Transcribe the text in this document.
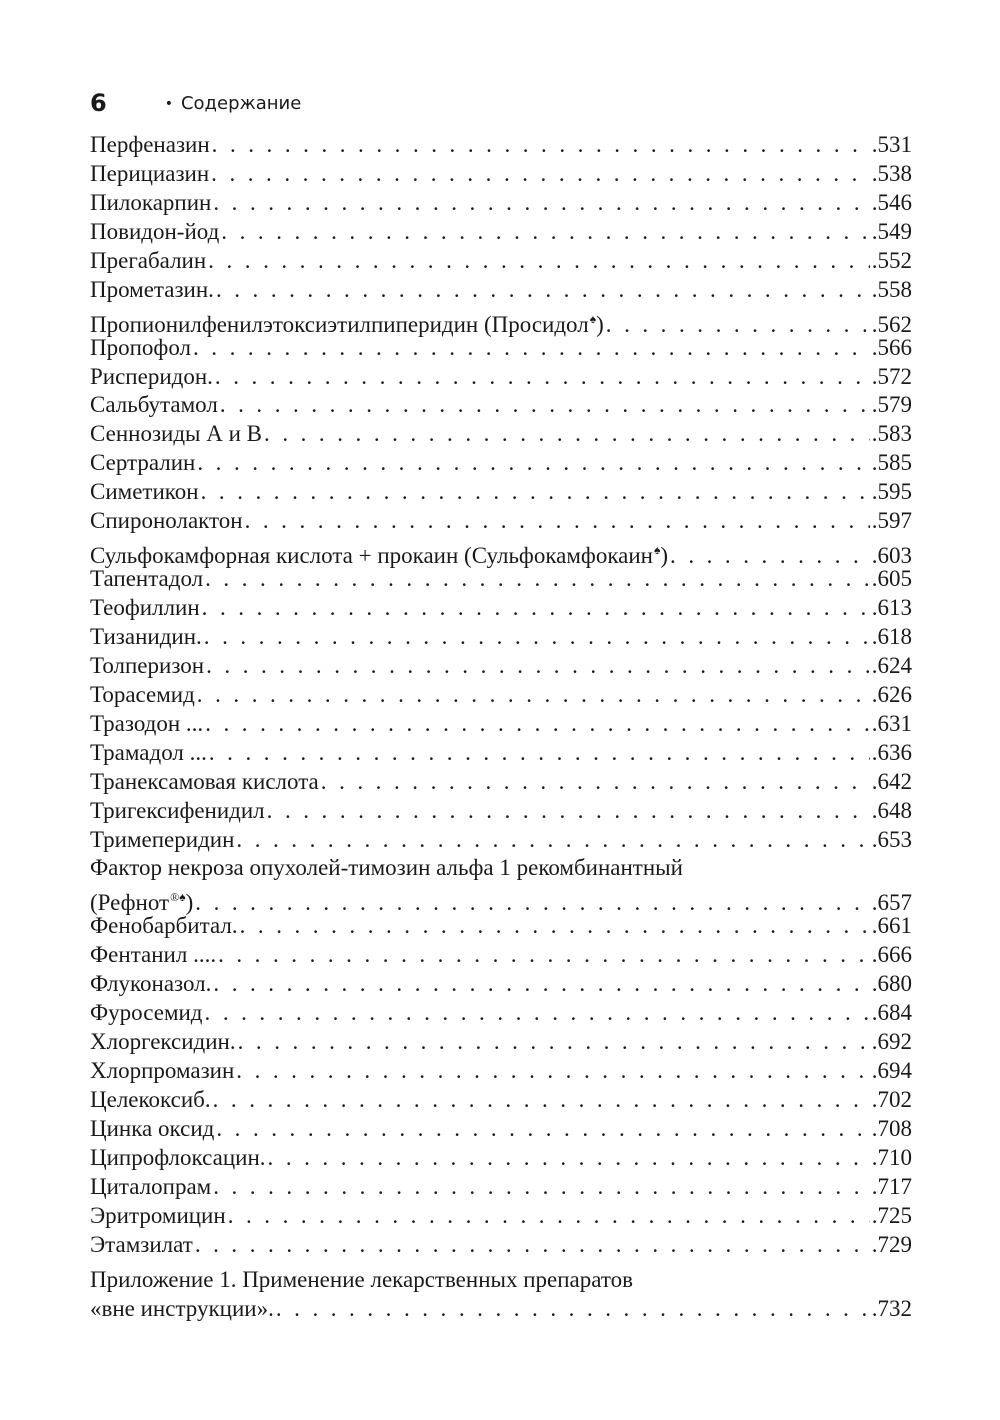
6	• Содержание
Перфеназин . . .	.531
Перициазин . . .	.538
Пилокарпин . . .	.546
Повидон-йод . . .	.549
Прегабалин . . .	.552
Прометазин. . . .	.558
Пропионилфенилэтоксиэтилпиперидин (Просидол♠) . . .	.562
Пропофол . . .	.566
Рисперидон. . . .	.572
Сальбутамол . . .	.579
Сеннозиды А и В . . .	.583
Сертралин . . .	.585
Симетикон . . .	.595
Спиронолактон . . .	.597
Сульфокамфорная кислота + прокаин (Сульфокамфокаин♠) . . .	.603
Тапентадол . . .	.605
Теофиллин . . .	.613
Тизанидин. . . .	.618
Толперизон . . .	.624
Торасемид . . .	.626
Тразодон ... . . .	.631
Трамадол ... . . .	.636
Транексамовая кислота . . .	.642
Тригексифенидил . . .	.648
Тримеперидин . . .	.653
Фактор некроза опухолей-тимозин альфа 1 рекомбинантный
(Рефнот®♠) . . .	.657
Фенобарбитал. . . .	.661
Фентанил .... . . .	.666
Флуконазол. . . .	.680
Фуросемид . . .	.684
Хлоргексидин. . . .	.692
Хлорпромазин . . .	.694
Целекоксиб. . . .	.702
Цинка оксид . . .	.708
Ципрофлоксацин. . . .	.710
Циталопрам . . .	.717
Эритромицин . . .	.725
Этамзилат . . .	.729
Приложение 1. Применение лекарственных препаратов
«вне инструкции». . . .	.732
